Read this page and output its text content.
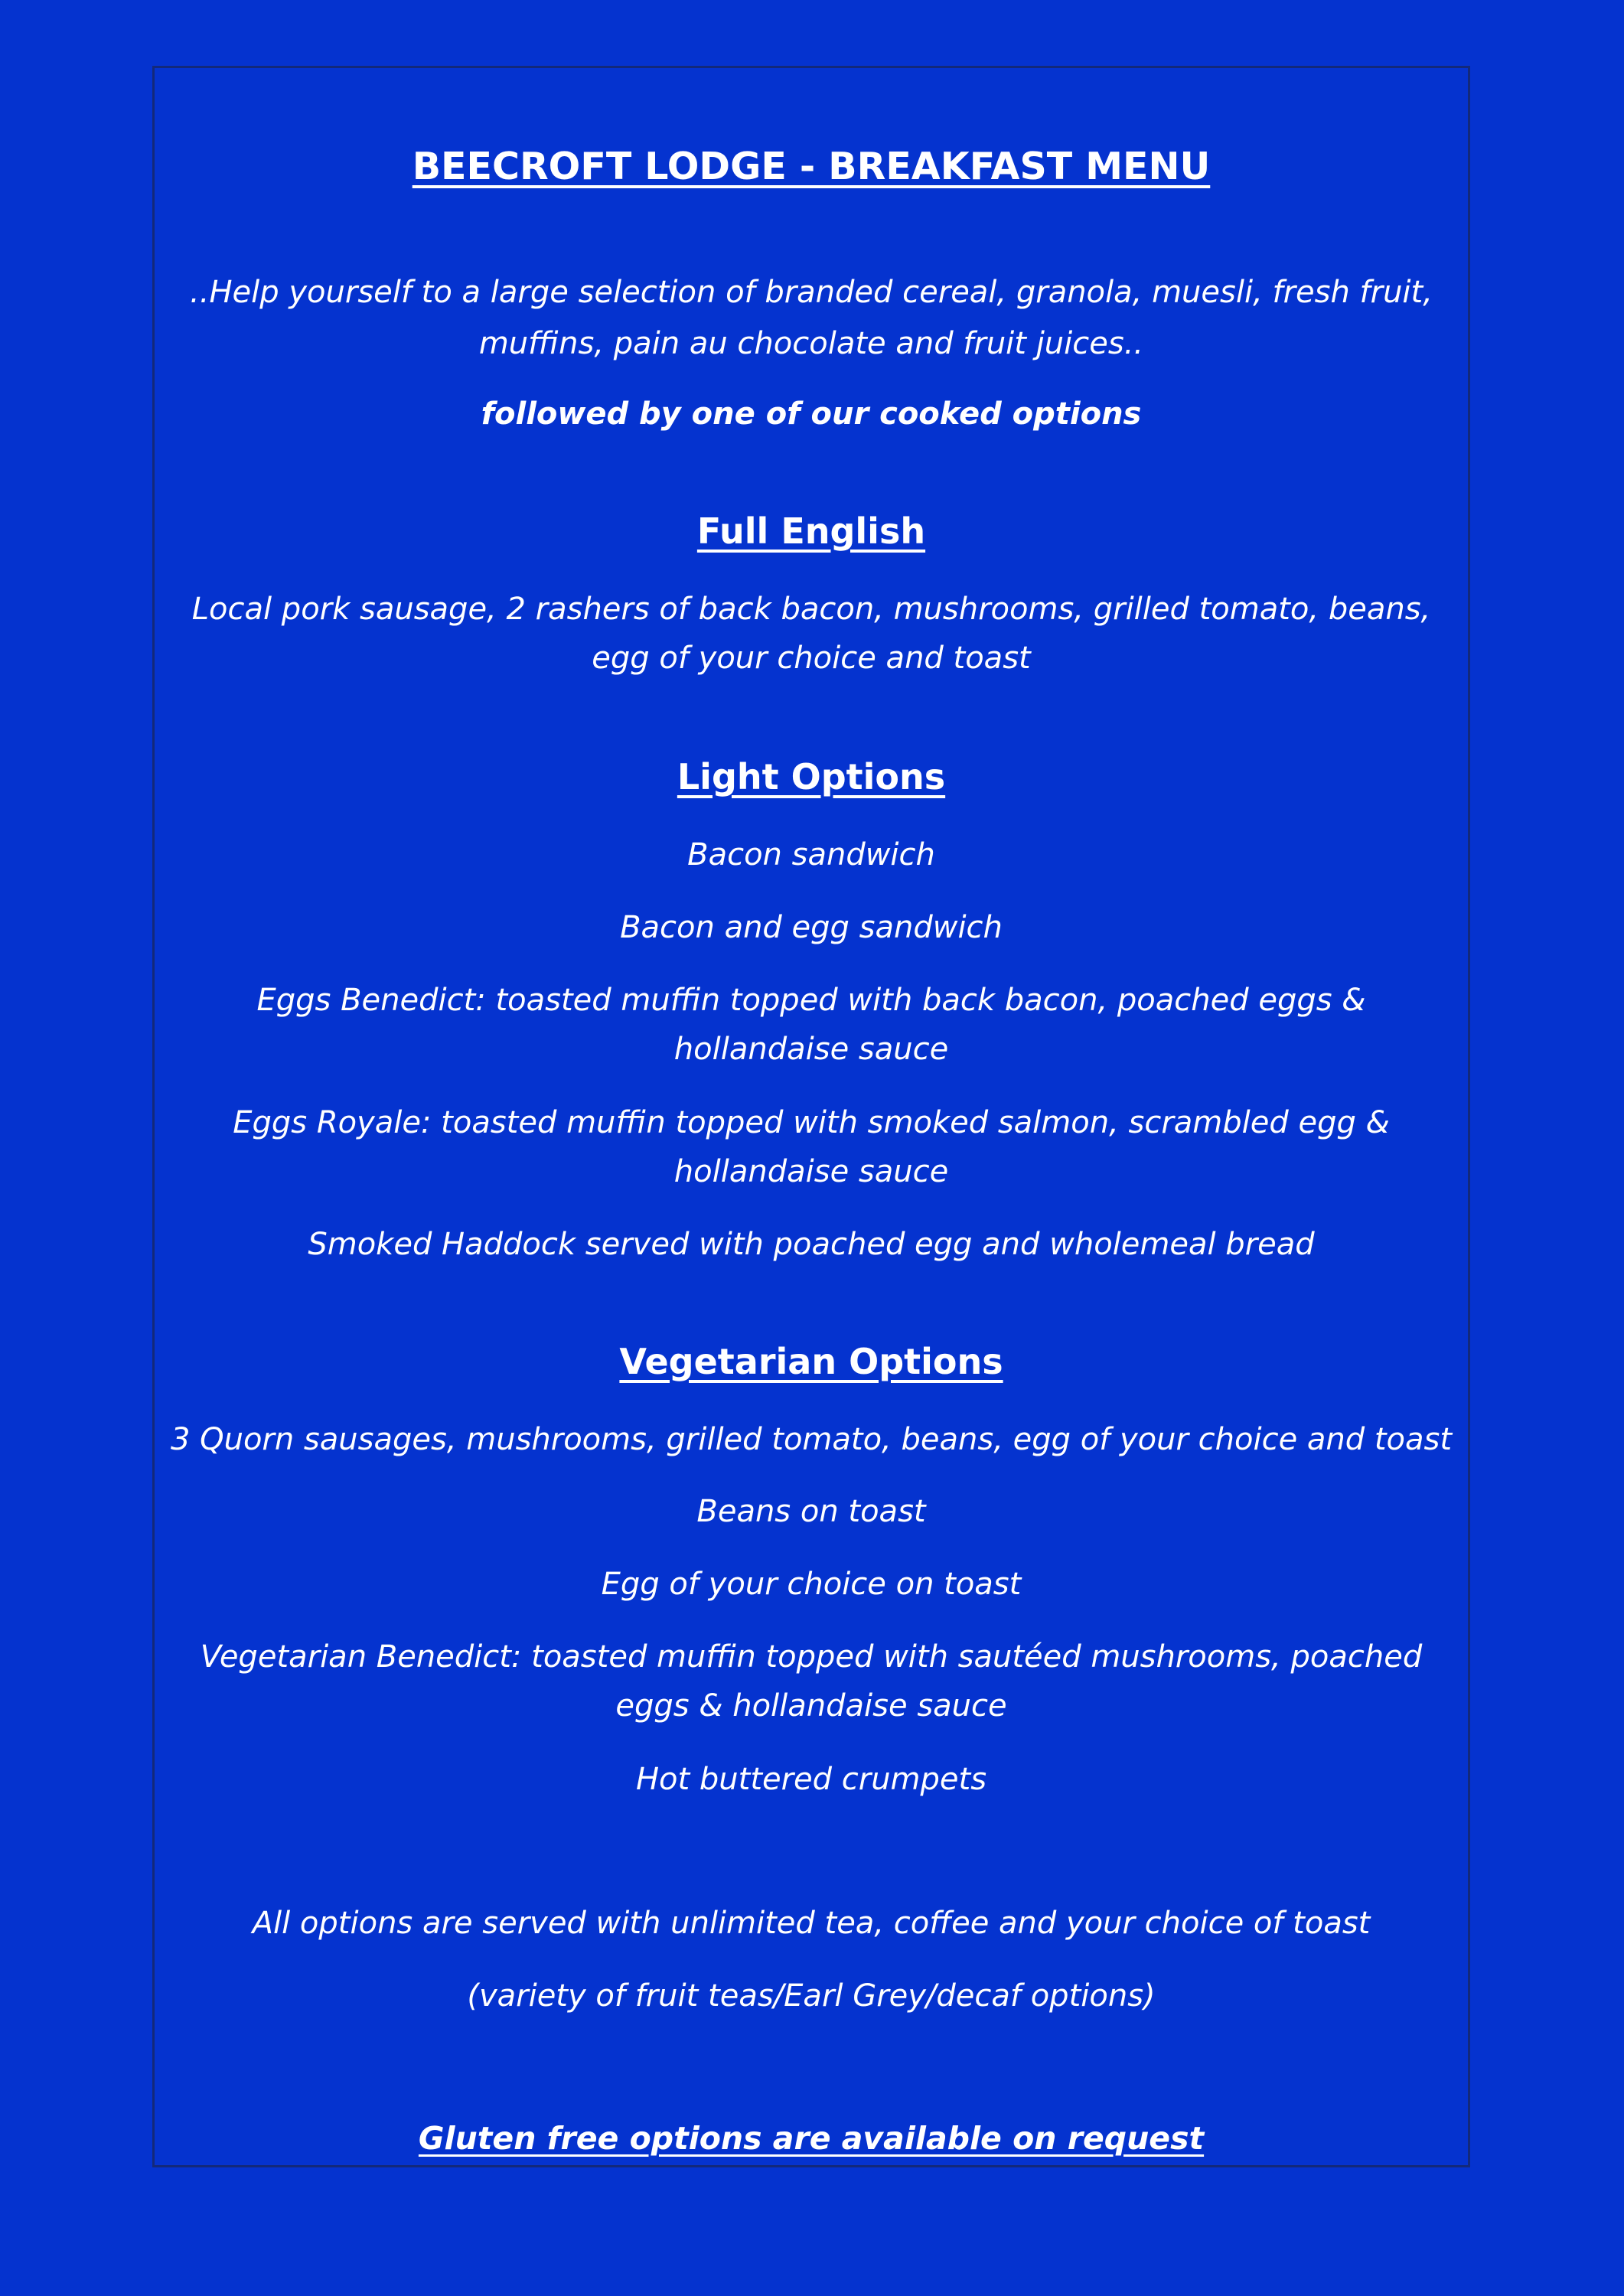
BEECROFT LODGE - BREAKFAST MENU
..Help yourself to a large selection of branded cereal, granola, muesli, fresh fruit,
muffins, pain au chocolate and fruit juices..
followed by one of our cooked options
Full English
Local pork sausage, 2 rashers of back bacon, mushrooms, grilled tomato, beans,
egg of your choice and toast
Light Options
Bacon sandwich
Bacon and egg sandwich
Eggs Benedict: toasted muffin topped with back bacon, poached eggs &
hollandaise sauce
Eggs Royale: toasted muffin topped with smoked salmon, scrambled egg &
hollandaise sauce
Smoked Haddock served with poached egg and wholemeal bread
Vegetarian Options
3 Quorn sausages, mushrooms, grilled tomato, beans, egg of your choice and toast
Beans on toast
Egg of your choice on toast
Vegetarian Benedict: toasted muffin topped with sautéed mushrooms, poached
eggs & hollandaise sauce
Hot buttered crumpets
All options are served with unlimited tea, coffee and your choice of toast
(variety of fruit teas/Earl Grey/decaf options)
Gluten free options are available on request
